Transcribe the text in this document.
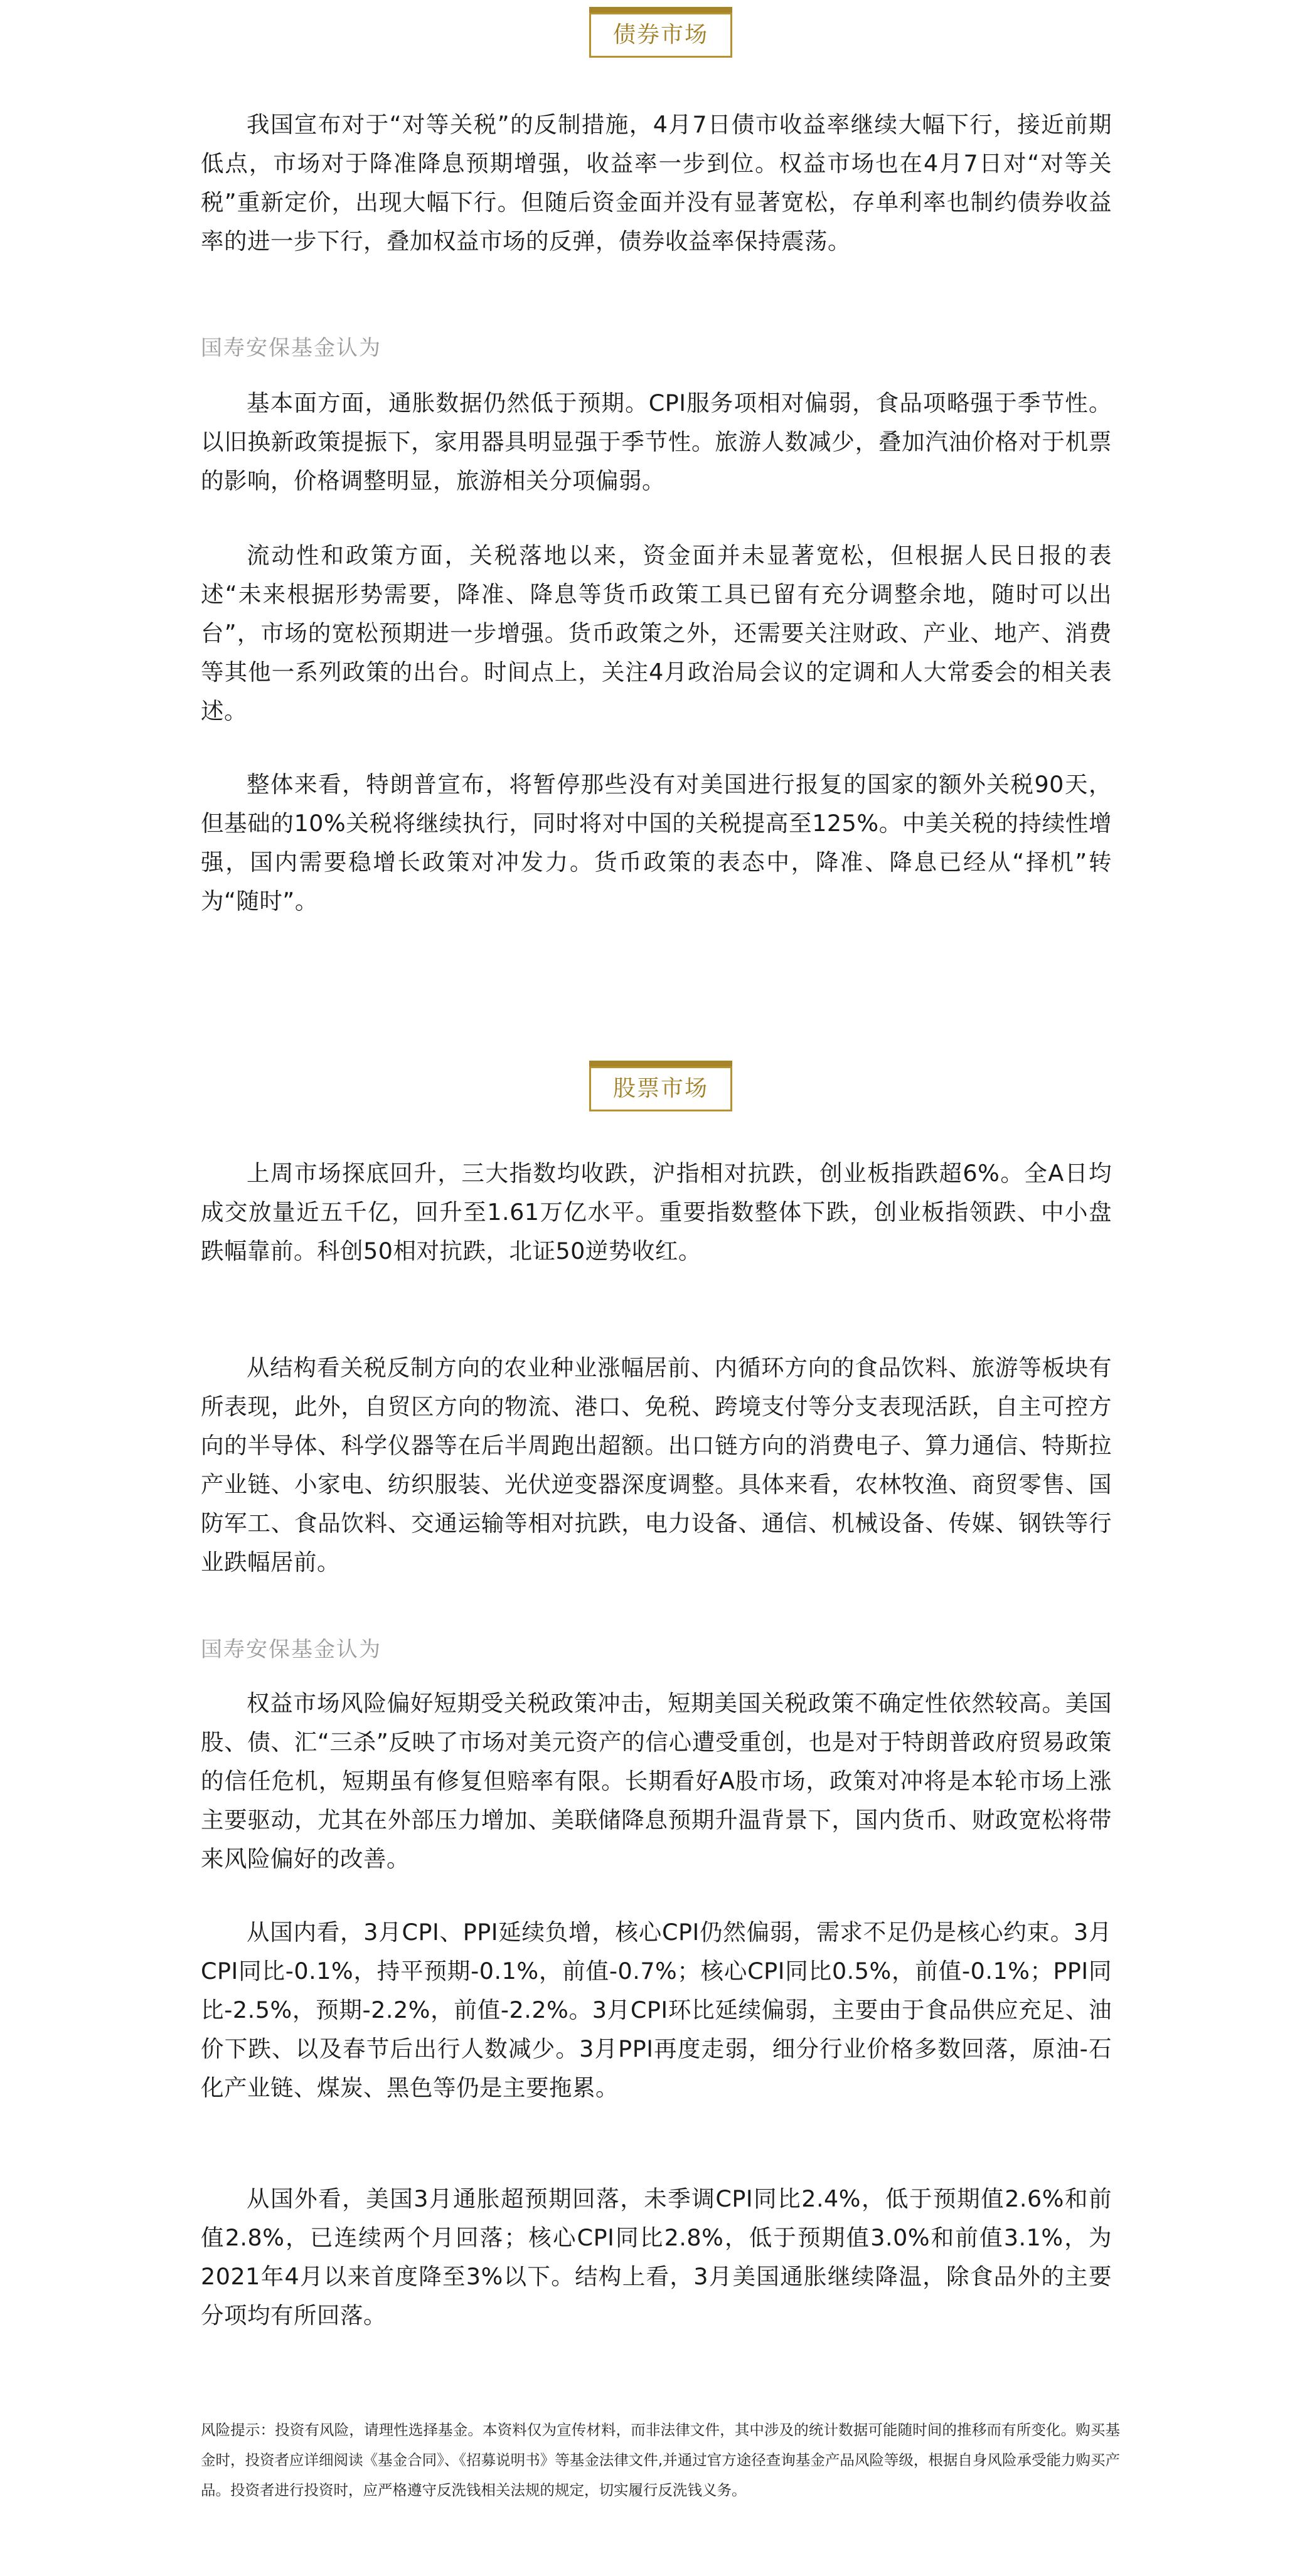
债券市场

我国宣布对于“对等关税”的反制措施，4月7日债市收益率继续大幅下行，接近前期低点，市场对于降准降息预期增强，收益率一步到位。权益市场也在4月7日对“对等关税”重新定价，出现大幅下行。但随后资金面并没有显著宽松，存单利率也制约债券收益率的进一步下行，叠加权益市场的反弹，债券收益率保持震荡。

国寿安保基金认为

基本面方面，通胀数据仍然低于预期。CPI服务项相对偏弱，食品项略强于季节性。以旧换新政策提振下，家用器具明显强于季节性。旅游人数减少，叠加汽油价格对于机票的影响，价格调整明显，旅游相关分项偏弱。

流动性和政策方面，关税落地以来，资金面并未显著宽松，但根据人民日报的表述“未来根据形势需要，降准、降息等货币政策工具已留有充分调整余地，随时可以出台”，市场的宽松预期进一步增强。货币政策之外，还需要关注财政、产业、地产、消费等其他一系列政策的出台。时间点上，关注4月政治局会议的定调和人大常委会的相关表述。

整体来看，特朗普宣布，将暂停那些没有对美国进行报复的国家的额外关税90天，但基础的10%关税将继续执行，同时将对中国的关税提高至125%。中美关税的持续性增强，国内需要稳增长政策对冲发力。货币政策的表态中，降准、降息已经从“择机”转为“随时”。

股票市场

上周市场探底回升，三大指数均收跌，沪指相对抗跌，创业板指跌超6%。全A日均成交放量近五千亿，回升至1.61万亿水平。重要指数整体下跌，创业板指领跌、中小盘跌幅靠前。科创50相对抗跌，北证50逆势收红。

从结构看关税反制方向的农业种业涨幅居前、内循环方向的食品饮料、旅游等板块有所表现，此外，自贸区方向的物流、港口、免税、跨境支付等分支表现活跃，自主可控方向的半导体、科学仪器等在后半周跑出超额。出口链方向的消费电子、算力通信、特斯拉产业链、小家电、纺织服装、光伏逆变器深度调整。具体来看，农林牧渔、商贸零售、国防军工、食品饮料、交通运输等相对抗跌，电力设备、通信、机械设备、传媒、钢铁等行业跌幅居前。

国寿安保基金认为

权益市场风险偏好短期受关税政策冲击，短期美国关税政策不确定性依然较高。美国股、债、汇“三杀”反映了市场对美元资产的信心遭受重创，也是对于特朗普政府贸易政策的信任危机，短期虽有修复但赔率有限。长期看好A股市场，政策对冲将是本轮市场上涨主要驱动，尤其在外部压力增加、美联储降息预期升温背景下，国内货币、财政宽松将带来风险偏好的改善。

从国内看，3月CPI、PPI延续负增，核心CPI仍然偏弱，需求不足仍是核心约束。3月CPI同比-0.1%，持平预期-0.1%，前值-0.7%；核心CPI同比0.5%，前值-0.1%；PPI同比-2.5%，预期-2.2%，前值-2.2%。3月CPI环比延续偏弱，主要由于食品供应充足、油价下跌、以及春节后出行人数减少。3月PPI再度走弱，细分行业价格多数回落，原油-石化产业链、煤炭、黑色等仍是主要拖累。

从国外看，美国3月通胀超预期回落，未季调CPI同比2.4%，低于预期值2.6%和前值2.8%，已连续两个月回落；核心CPI同比2.8%，低于预期值3.0%和前值3.1%，为2021年4月以来首度降至3%以下。结构上看，3月美国通胀继续降温，除食品外的主要分项均有所回落。

风险提示：投资有风险，请理性选择基金。本资料仅为宣传材料，而非法律文件，其中涉及的统计数据可能随时间的推移而有所变化。购买基金时，投资者应详细阅读《基金合同》、《招募说明书》等基金法律文件,并通过官方途径查询基金产品风险等级，根据自身风险承受能力购买产品。投资者进行投资时，应严格遵守反洗钱相关法规的规定，切实履行反洗钱义务。
